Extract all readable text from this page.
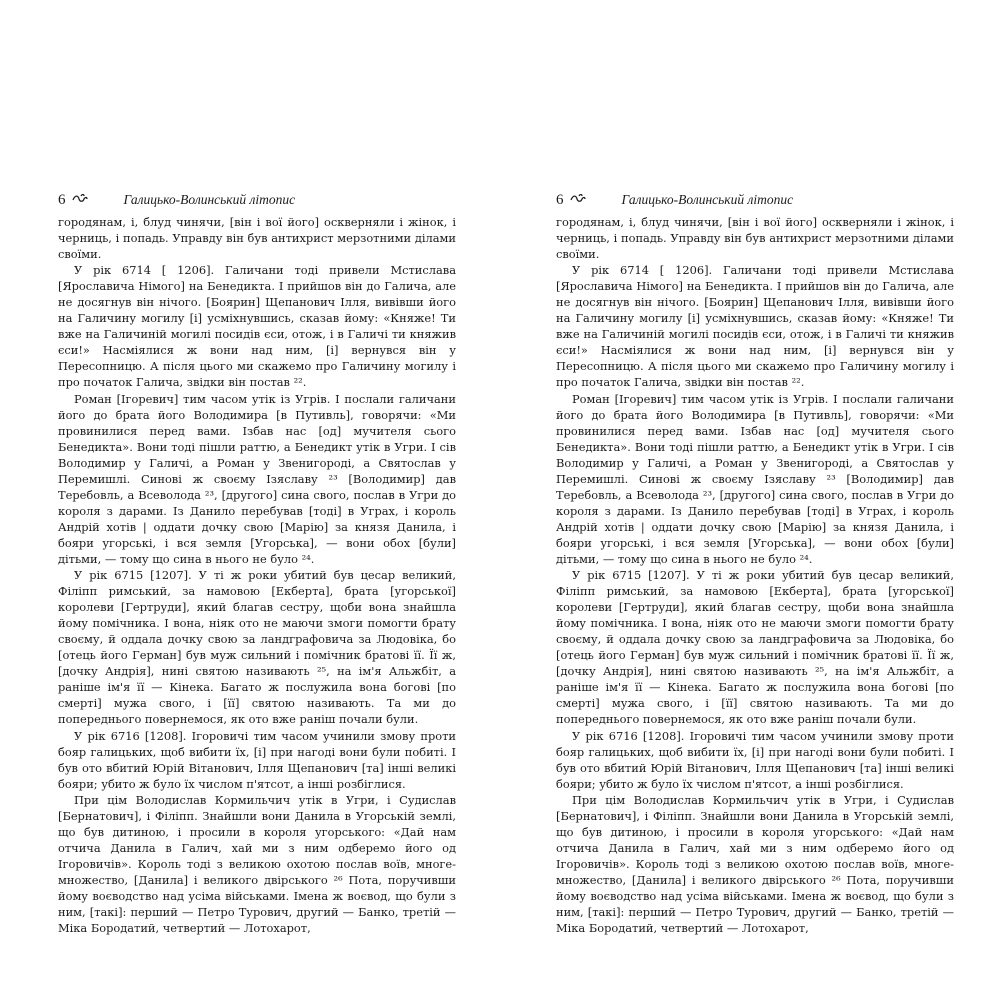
6	Галицько-Волинський літопис

городянам, і, блуд чинячи, [він і вої його] оскверняли і жінок, і черниць, і попадь. Управду він був антихрист мерзотними ділами своїми.

У рік 6714 [ 1206]. Галичани тоді привели Мстислава [Ярославича Німого] на Бенедикта. І прийшов він до Галича, але не досягнув він нічого. [Боярин] Щепанович Ілля, вивівши його на Галичину могилу [і] усміхнувшись, сказав йому: «Княже! Ти вже на Галичиній могилі посидів єси, отож, і в Галичі ти княжив єси!» Насміялися ж вони над ним, [і] вернувся він у Пересопницю. А після цього ми скажемо про Галичину могилу і про початок Галича, звідки він постав ²².

Роман [Ігоревич] тим часом утік із Угрів. І послали галичани його до брата його Володимира [в Путивль], говорячи: «Ми провинилися перед вами. Ізбав нас [од] мучителя сього Бенедикта». Вони тоді пішли раттю, а Бенедикт утік в Угри. І сів Володимир у Галичі, а Роман у Звенигороді, а Святослав у Перемишлі. Синові ж своєму Ізяславу ²³ [Володимир] дав Теребовль, а Всеволода ²³, [другого] сина свого, послав в Угри до короля з дарами. Із Данило перебував [тоді] в Уграх, і король Андрій хотів | оддати дочку свою [Марію] за князя Данила, і бояри угорські, і вся земля [Угорська], — вони обох [були] дітьми, — тому що сина в нього не було ²⁴.

У рік 6715 [1207]. У ті ж роки убитий був цесар великий, Філіпп римський, за намовою [Екберта], брата [угорської] королеви [Гертруди], який благав сестру, щоби вона знайшла йому помічника. І вона, ніяк ото не маючи змоги помогти брату своєму, й оддала дочку свою за ландграфовича за Людовіка, бо [отець його Герман] був муж сильний і помічник братові її. Її ж, [дочку Андрія], нині святою називають ²⁵, на ім'я Альжбіт, а раніше ім'я її — Кінека. Багато ж послужила вона богові [по смерті] мужа свого, і [її] святою називають. Та ми до попереднього повернемося, як ото вже раніш почали були.

У рік 6716 [1208]. Ігоровичі тим часом учинили змову проти бояр галицьких, щоб вибити їх, [і] при нагоді вони були побиті. І був ото вбитий Юрій Вітанович, Ілля Щепанович [та] інші великі бояри; убито ж було їх числом п'ятсот, а інші розбіглися.

При цім Володислав Кормильчич утік в Угри, і Судислав [Бернатович], і Філіпп. Знайшли вони Данила в Угорській землі, що був дитиною, і просили в короля угорського: «Дай нам отчича Данила в Галич, хай ми з ним одберемо його од Ігоровичів». Король тоді з великою охотою послав воїв, многе-множество, [Данила] і великого двірського ²⁶ Пота, поручивши йому воєводство над усіма військами. Імена ж воєвод, що були з ним, [такі]: перший — Петро Турович, другий — Банко, третій — Міка Бородатий, четвертий — Лотохарот,

6	Галицько-Волинський літопис

городянам, і, блуд чинячи, [він і вої його] оскверняли і жінок, і черниць, і попадь. Управду він був антихрист мерзотними ділами своїми.

У рік 6714 [ 1206]. Галичани тоді привели Мстислава [Ярославича Німого] на Бенедикта. І прийшов він до Галича, але не досягнув він нічого. [Боярин] Щепанович Ілля, вивівши його на Галичину могилу [і] усміхнувшись, сказав йому: «Княже! Ти вже на Галичиній могилі посидів єси, отож, і в Галичі ти княжив єси!» Насміялися ж вони над ним, [і] вернувся він у Пересопницю. А після цього ми скажемо про Галичину могилу і про початок Галича, звідки він постав ²².

Роман [Ігоревич] тим часом утік із Угрів. І послали галичани його до брата його Володимира [в Путивль], говорячи: «Ми провинилися перед вами. Ізбав нас [од] мучителя сього Бенедикта». Вони тоді пішли раттю, а Бенедикт утік в Угри. І сів Володимир у Галичі, а Роман у Звенигороді, а Святослав у Перемишлі. Синові ж своєму Ізяславу ²³ [Володимир] дав Теребовль, а Всеволода ²³, [другого] сина свого, послав в Угри до короля з дарами. Із Данило перебував [тоді] в Уграх, і король Андрій хотів | оддати дочку свою [Марію] за князя Данила, і бояри угорські, і вся земля [Угорська], — вони обох [були] дітьми, — тому що сина в нього не було ²⁴.

У рік 6715 [1207]. У ті ж роки убитий був цесар великий, Філіпп римський, за намовою [Екберта], брата [угорської] королеви [Гертруди], який благав сестру, щоби вона знайшла йому помічника. І вона, ніяк ото не маючи змоги помогти брату своєму, й оддала дочку свою за ландграфовича за Людовіка, бо [отець його Герман] був муж сильний і помічник братові її. Її ж, [дочку Андрія], нині святою називають ²⁵, на ім'я Альжбіт, а раніше ім'я її — Кінека. Багато ж послужила вона богові [по смерті] мужа свого, і [її] святою називають. Та ми до попереднього повернемося, як ото вже раніш почали були.

У рік 6716 [1208]. Ігоровичі тим часом учинили змову проти бояр галицьких, щоб вибити їх, [і] при нагоді вони були побиті. І був ото вбитий Юрій Вітанович, Ілля Щепанович [та] інші великі бояри; убито ж було їх числом п'ятсот, а інші розбіглися.

При цім Володислав Кормильчич утік в Угри, і Судислав [Бернатович], і Філіпп. Знайшли вони Данила в Угорській землі, що був дитиною, і просили в короля угорського: «Дай нам отчича Данила в Галич, хай ми з ним одберемо його од Ігоровичів». Король тоді з великою охотою послав воїв, многе-множество, [Данила] і великого двірського ²⁶ Пота, поручивши йому воєводство над усіма військами. Імена ж воєвод, що були з ним, [такі]: перший — Петро Турович, другий — Банко, третій — Міка Бородатий, четвертий — Лотохарот,
